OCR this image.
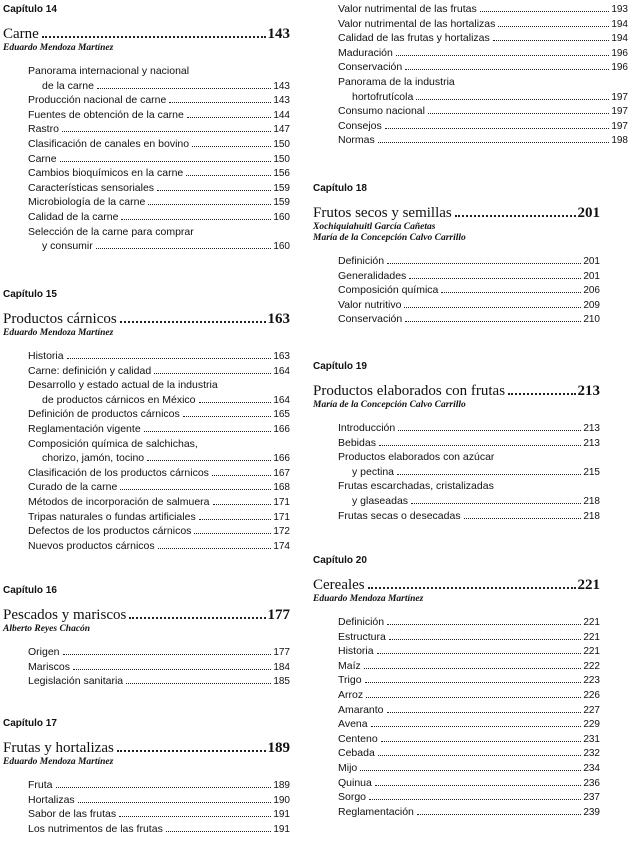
Capítulo 14
Carne	143
Eduardo Mendoza Martínez
Panorama internacional y nacional
de la carne	143
Producción nacional de carne	143
Fuentes de obtención de la carne	144
Rastro	147
Clasificación de canales en bovino	150
Carne	150
Cambios bioquímicos en la carne	156
Características sensoriales	159
Microbiología de la carne	159
Calidad de la carne	160
Selección de la carne para comprar
y consumir	160
Capítulo 15
Productos cárnicos	163
Eduardo Mendoza Martínez
Historia	163
Carne: definición y calidad	164
Desarrollo y estado actual de la industria
de productos cárnicos en México	164
Definición de productos cárnicos	165
Reglamentación vigente	166
Composición química de salchichas,
chorizo, jamón, tocino	166
Clasificación de los productos cárnicos	167
Curado de la carne	168
Métodos de incorporación de salmuera	171
Tripas naturales o fundas artificiales	171
Defectos de los productos cárnicos	172
Nuevos productos cárnicos	174
Capítulo 16
Pescados y mariscos	177
Alberto Reyes Chacón
Origen	177
Mariscos	184
Legislación sanitaria	185
Capítulo 17
Frutas y hortalizas	189
Eduardo Mendoza Martínez
Fruta	189
Hortalizas	190
Sabor de las frutas	191
Los nutrimentos de las frutas	191
Valor nutrimental de las frutas	193
Valor nutrimental de las hortalizas	194
Calidad de las frutas y hortalizas	194
Maduración	196
Conservación	196
Panorama de la industria
hortofrutícola	197
Consumo nacional	197
Consejos	197
Normas	198
Capítulo 18
Frutos secos y semillas	201
Xochiquiahuitl García Cañetas
María de la Concepción Calvo Carrillo
Definición	201
Generalidades	201
Composición química	206
Valor nutritivo	209
Conservación	210
Capítulo 19
Productos elaborados con frutas	213
María de la Concepción Calvo Carrillo
Introducción	213
Bebidas	213
Productos elaborados con azúcar
y pectina	215
Frutas escarchadas, cristalizadas
y glaseadas	218
Frutas secas o desecadas	218
Capítulo 20
Cereales	221
Eduardo Mendoza Martínez
Definición	221
Estructura	221
Historia	221
Maíz	222
Trigo	223
Arroz	226
Amaranto	227
Avena	229
Centeno	231
Cebada	232
Mijo	234
Quinua	236
Sorgo	237
Reglamentación	239
